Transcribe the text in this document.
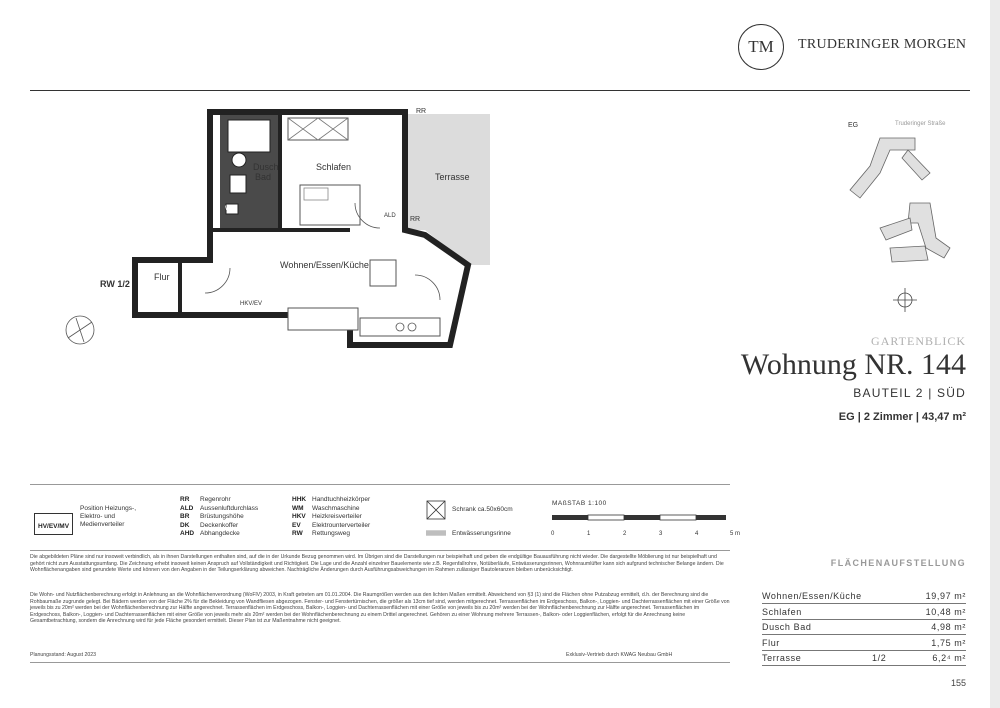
TM TRUDERINGER MORGEN
Dusch
Bad
Schlafen
Terrasse
Wohnen/Essen/Küche
Flur
RW 1/2
RR
RR
ALD
WM
HKV/EV
EG	Truderinger Straße
GARTENBLICK
Wohnung NR. 144
BAUTEIL 2 | SÜD
EG | 2 Zimmer | 43,47 m²
HV/EV/MV
Position Heizungs-, Elektro- und Medienverteiler
RR Regenrohr
ALD Aussenluftdurchlass
BR Brüstungshöhe
DK Deckenkoffer
AHD Abhangdecke
HHK Handtuchheizkörper
WM Waschmaschine
HKV Heizkreisverteiler
EV Elektrounterverteiler
RW Rettungsweg
Schrank ca.50x60cm
Entwässerungsrinne
MAßSTAB 1:100
0	1	2	3	4	5 m
Die abgebildeten Pläne sind nur insoweit verbindlich, als in ihnen Darstellungen enthalten sind, auf die in der Urkunde Bezug genommen wird. Im Übrigen sind die Darstellungen nur beispielhaft und geben die endgültige Bauausführung nicht wieder. Die dargestellte Möblierung ist nur beispielhaft und gehört nicht zum Ausstattungsumfang. Die Zeichnung erhebt insoweit keinen Anspruch auf Vollständigkeit und Richtigkeit. Die Lage und die Anzahl einzelner Bauelemente wie z.B. Regenfallrohre, Notüberläufe, Entwässerungsrinnen, Wohnraumlüfter kann sich aufgrund technischer Belange ändern. Die Wohnflächenangaben sind gerundete Werte und können von den Angaben in der Teilungserklärung abweichen. Nachträgliche Änderungen durch Ausführungsabweichungen im Rahmen zulässiger Bautoleranzen bleiben unberücksichtigt.
Die Wohn- und Nutzflächenberechnung erfolgt in Anlehnung an die Wohnflächenverordnung (WoFlV) 2003, in Kraft getreten am 01.01.2004. Die Raumgrößen werden aus den lichten Maßen ermittelt. Abweichend von §3 (1) sind die Flächen ohne Putzabzug ermittelt, d.h. der Berechnung sind die Rohbaumaße zugrunde gelegt. Bei Bädern werden von der Fläche 2% für die Bekleidung von Wandfliesen abgezogen. Fenster- und Fenstertürnischen, die größer als 13cm tief sind, werden mitgerechnet. Terrassenflächen im Erdgeschoss, Balkon-, Loggien- und Dachterrassenflächen mit einer Größe von jeweils bis zu 20m² werden bei der Wohnflächenberechnung zur Hälfte angerechnet. Terrassenflächen im Erdgeschoss, Balkon-, Loggien- und Dachterrassenflächen mit einer Größe von jeweils bis zu 20m² werden bei der Wohnflächenberechnung zur Hälfte angerechnet. Terrassenflächen im Erdgeschoss, Balkon-, Loggien- und Dachterrassenflächen mit einer Größe von jeweils mehr als 20m² werden bei der Wohnflächenberechnung zu einem Drittel angerechnet. Gehören zu einer Wohnung mehrere Terrassen-, Balkon- oder Loggienflächen, erfolgt für die Anrechnung keine Gesamtbetrachtung, sondern die Anrechnung wird für jede Fläche gesondert ermittelt. Dieser Plan ist zur Maßentnahme nicht geeignet.
Planungsstand: August 2023	Exklusiv-Vertrieb durch KWAG Neubau GmbH
FLÄCHENAUFSTELLUNG
Wohnen/Essen/Küche	19,97 m²
Schlafen	10,48 m²
Dusch Bad	4,98 m²
Flur	1,75 m²
Terrasse	1/2	6,2⁴ m²
155
